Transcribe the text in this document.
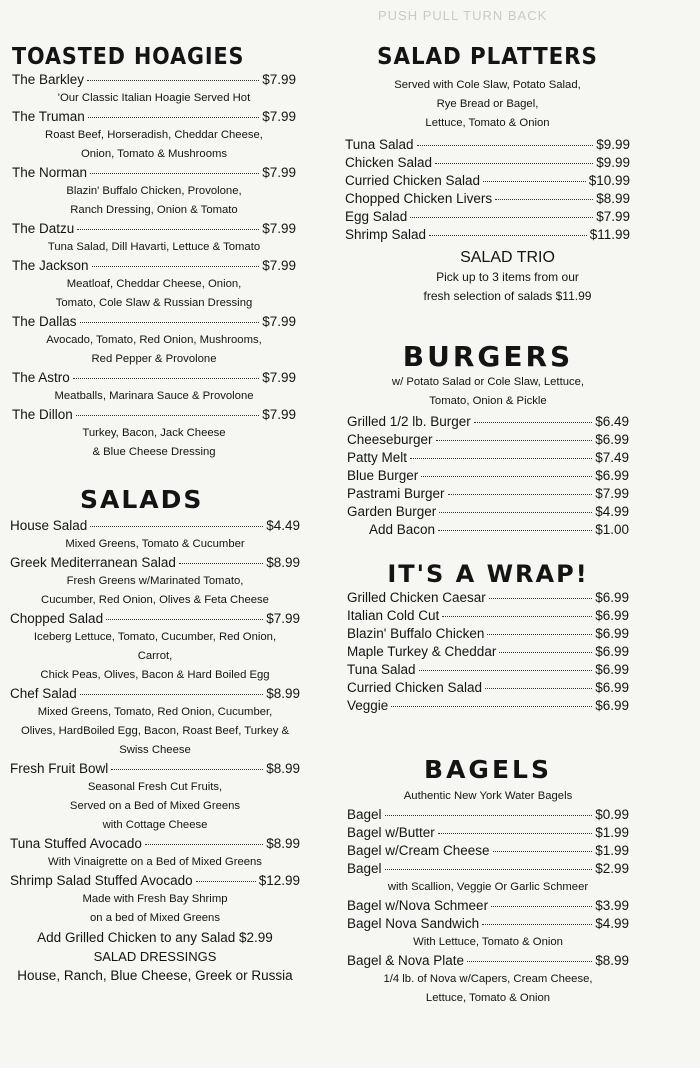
PUSH PULL TURN BACK
TOASTED HOAGIES
The Barkley	$7.99
'Our Classic Italian Hoagie Served Hot
The Truman	$7.99
Roast Beef, Horseradish, Cheddar Cheese,
Onion, Tomato & Mushrooms
The Norman	$7.99
Blazin' Buffalo Chicken, Provolone,
Ranch Dressing, Onion & Tomato
The Datzu	$7.99
Tuna Salad, Dill Havarti, Lettuce & Tomato
The Jackson	$7.99
Meatloaf, Cheddar Cheese, Onion,
Tomato, Cole Slaw & Russian Dressing
The Dallas	$7.99
Avocado, Tomato, Red Onion, Mushrooms,
Red Pepper & Provolone
The Astro	$7.99
Meatballs, Marinara Sauce & Provolone
The Dillon	$7.99
Turkey, Bacon, Jack Cheese
& Blue Cheese Dressing
SALADS
House Salad	$4.49
Mixed Greens, Tomato & Cucumber
Greek Mediterranean Salad	$8.99
Fresh Greens w/Marinated Tomato,
Cucumber, Red Onion, Olives & Feta Cheese
Chopped Salad	$7.99
Iceberg Lettuce, Tomato, Cucumber, Red Onion,
Carrot,
Chick Peas, Olives, Bacon & Hard Boiled Egg
Chef Salad	$8.99
Mixed Greens, Tomato, Red Onion, Cucumber,
Olives, HardBoiled Egg, Bacon, Roast Beef, Turkey &
Swiss Cheese
Fresh Fruit Bowl	$8.99
Seasonal Fresh Cut Fruits,
Served on a Bed of Mixed Greens
with Cottage Cheese
Tuna Stuffed Avocado	$8.99
With Vinaigrette on a Bed of Mixed Greens
Shrimp Salad Stuffed Avocado	$12.99
Made with Fresh Bay Shrimp
on a bed of Mixed Greens
Add Grilled Chicken to any Salad $2.99
SALAD DRESSINGS
House, Ranch, Blue Cheese, Greek or Russia
SALAD PLATTERS
Served with Cole Slaw, Potato Salad,
Rye Bread or Bagel,
Lettuce, Tomato & Onion
Tuna Salad	$9.99
Chicken Salad	$9.99
Curried Chicken Salad	$10.99
Chopped Chicken Livers	$8.99
Egg Salad	$7.99
Shrimp Salad	$11.99
SALAD TRIO
Pick up to 3 items from our
fresh selection of salads $11.99
BURGERS
w/ Potato Salad or Cole Slaw, Lettuce,
Tomato, Onion & Pickle
Grilled 1/2 lb. Burger	$6.49
Cheeseburger	$6.99
Patty Melt	$7.49
Blue Burger	$6.99
Pastrami Burger	$7.99
Garden Burger	$4.99
Add Bacon	$1.00
IT'S A WRAP!
Grilled Chicken Caesar	$6.99
Italian Cold Cut	$6.99
Blazin' Buffalo Chicken	$6.99
Maple Turkey & Cheddar	$6.99
Tuna Salad	$6.99
Curried Chicken Salad	$6.99
Veggie	$6.99
BAGELS
Authentic New York Water Bagels
Bagel	$0.99
Bagel w/Butter	$1.99
Bagel w/Cream Cheese	$1.99
Bagel	$2.99
with Scallion, Veggie Or Garlic Schmeer
Bagel w/Nova Schmeer	$3.99
Bagel Nova Sandwich	$4.99
With Lettuce, Tomato & Onion
Bagel & Nova Plate	$8.99
1/4 lb. of Nova w/Capers, Cream Cheese,
Lettuce, Tomato & Onion
